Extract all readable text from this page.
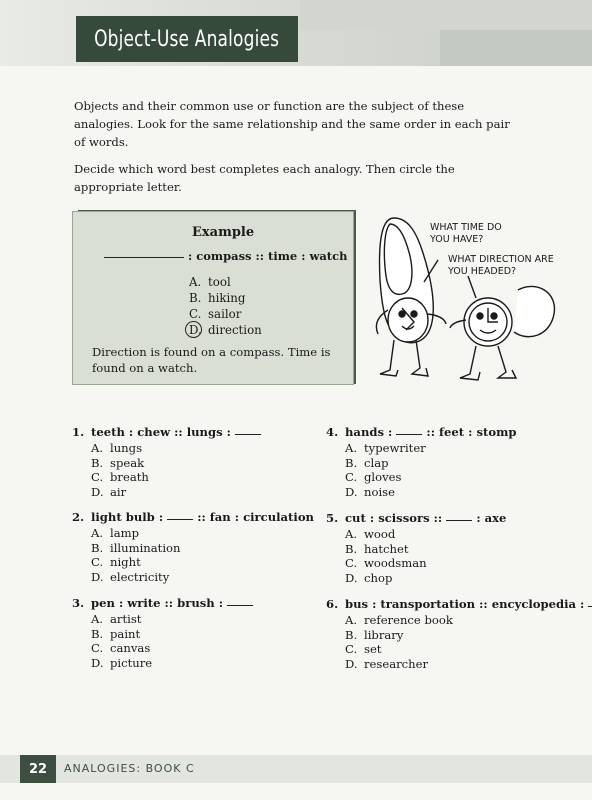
Object-Use Analogies

Objects and their common use or function are the subject of these analogies. Look for the same relationship and the same order in each pair of words.

Decide which word best completes each analogy. Then circle the appropriate letter.

Example
: compass :: time : watch
A. tool
B. hiking
C. sailor
D. direction
Direction is found on a compass. Time is found on a watch.
WHAT TIME DO
YOU HAVE?
WHAT DIRECTION ARE
YOU HEADED?
1. teeth : chew :: lungs :
A. lungs
B. speak
C. breath
D. air
2. light bulb :	:: fan : circulation
A. lamp
B. illumination
C. night
D. electricity
3. pen : write :: brush :
A. artist
B. paint
C. canvas
D. picture
4. hands :	:: feet : stomp
A. typewriter
B. clap
C. gloves
D. noise
5. cut : scissors ::	: axe
A. wood
B. hatchet
C. woodsman
D. chop
6. bus : transportation :: encyclopedia :
A. reference book
B. library
C. set
D. researcher
22	ANALOGIES: BOOK C
